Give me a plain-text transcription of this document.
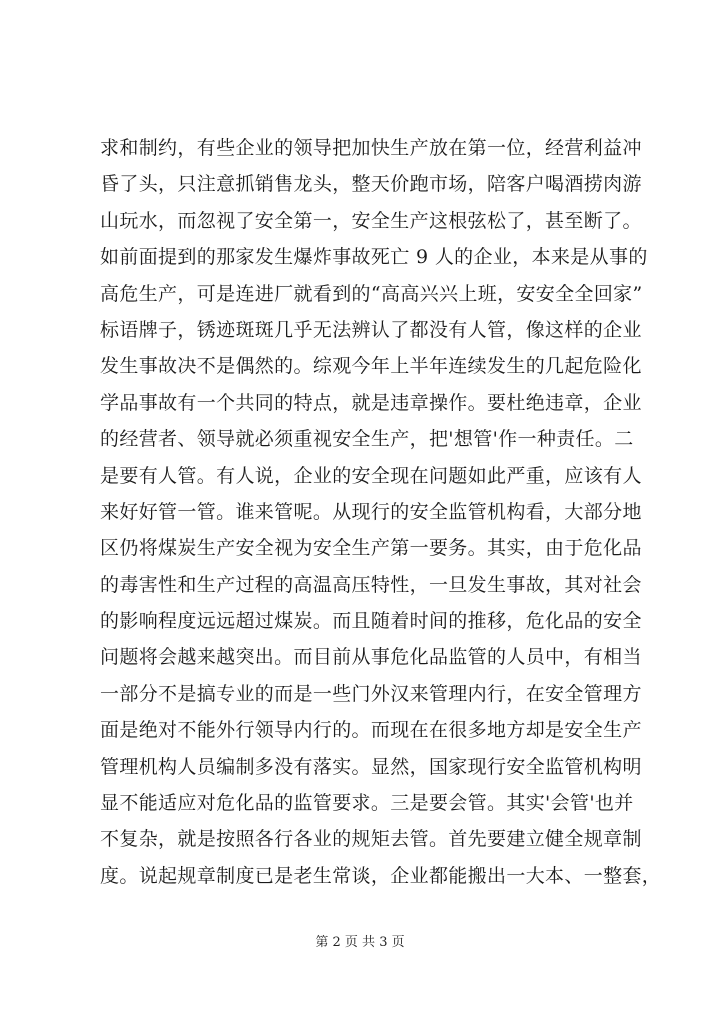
求和制约，有些企业的领导把加快生产放在第一位，经营利益冲
昏了头，只注意抓销售龙头，整天价跑市场，陪客户喝酒捞肉游
山玩水，而忽视了安全第一，安全生产这根弦松了，甚至断了。
如前面提到的那家发生爆炸事故死亡 9 人的企业，本来是从事的
高危生产，可是连进厂就看到的“高高兴兴上班，安安全全回家”
标语牌子，锈迹斑斑几乎无法辨认了都没有人管，像这样的企业
发生事故决不是偶然的。综观今年上半年连续发生的几起危险化
学品事故有一个共同的特点，就是违章操作。要杜绝违章，企业
的经营者、领导就必须重视安全生产，把'想管'作一种责任。二
是要有人管。有人说，企业的安全现在问题如此严重，应该有人
来好好管一管。谁来管呢。从现行的安全监管机构看，大部分地
区仍将煤炭生产安全视为安全生产第一要务。其实，由于危化品
的毒害性和生产过程的高温高压特性，一旦发生事故，其对社会
的影响程度远远超过煤炭。而且随着时间的推移，危化品的安全
问题将会越来越突出。而目前从事危化品监管的人员中，有相当
一部分不是搞专业的而是一些门外汉来管理内行，在安全管理方
面是绝对不能外行领导内行的。而现在在很多地方却是安全生产
管理机构人员编制多没有落实。显然，国家现行安全监管机构明
显不能适应对危化品的监管要求。三是要会管。其实'会管'也并
不复杂，就是按照各行各业的规矩去管。首先要建立健全规章制
度。说起规章制度已是老生常谈，企业都能搬出一大本、一整套，
第 2 页 共 3 页
